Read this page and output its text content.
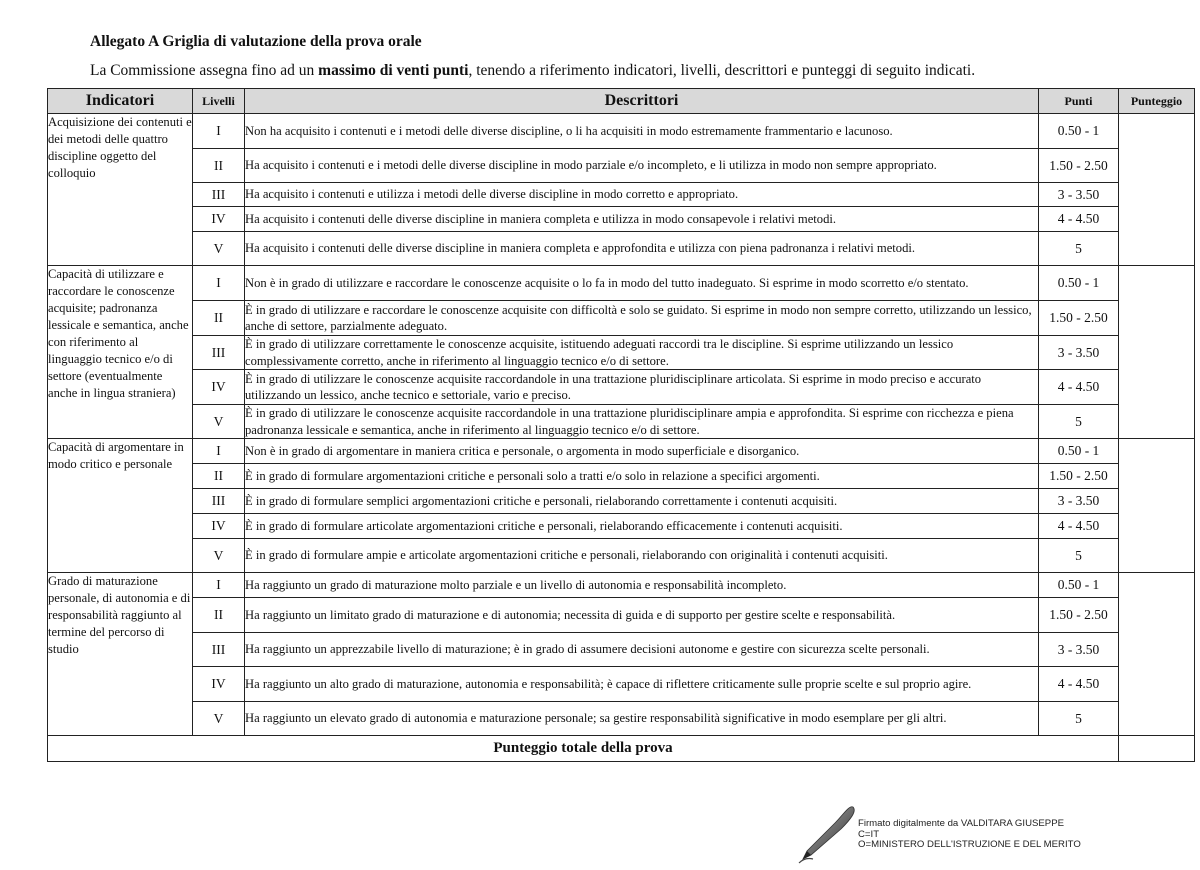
Allegato A Griglia di valutazione della prova orale
La Commissione assegna fino ad un massimo di venti punti, tenendo a riferimento indicatori, livelli, descrittori e punteggi di seguito indicati.
Indicatori	Livelli	Descrittori	Punti	Punteggio
Acquisizione dei contenuti e dei metodi delle quattro discipline oggetto del colloquio	I	Non ha acquisito i contenuti e i metodi delle diverse discipline, o li ha acquisiti in modo estremamente frammentario e lacunoso.	0.50 - 1	
	II	Ha acquisito i contenuti e i metodi delle diverse discipline in modo parziale e/o incompleto, e li utilizza in modo non sempre appropriato.	1.50 - 2.50	
	III	Ha acquisito i contenuti e utilizza i metodi delle diverse discipline in modo corretto e appropriato.	3 - 3.50	
	IV	Ha acquisito i contenuti delle diverse discipline in maniera completa e utilizza in modo consapevole i relativi metodi.	4 - 4.50	
	V	Ha acquisito i contenuti delle diverse discipline in maniera completa e approfondita e utilizza con piena padronanza i relativi metodi.	5	
Capacità di utilizzare e raccordare le conoscenze acquisite; padronanza lessicale e semantica, anche con riferimento al linguaggio tecnico e/o di settore (eventualmente anche in lingua straniera)	I	Non è in grado di utilizzare e raccordare le conoscenze acquisite o lo fa in modo del tutto inadeguato. Si esprime in modo scorretto e/o stentato.	0.50 - 1	
	II	È in grado di utilizzare e raccordare le conoscenze acquisite con difficoltà e solo se guidato. Si esprime in modo non sempre corretto, utilizzando un lessico, anche di settore, parzialmente adeguato.	1.50 - 2.50	
	III	È in grado di utilizzare correttamente le conoscenze acquisite, istituendo adeguati raccordi tra le discipline. Si esprime utilizzando un lessico complessivamente corretto, anche in riferimento al linguaggio tecnico e/o di settore.	3 - 3.50	
	IV	È in grado di utilizzare le conoscenze acquisite raccordandole in una trattazione pluridisciplinare articolata. Si esprime in modo preciso e accurato utilizzando un lessico, anche tecnico e settoriale, vario e preciso.	4 - 4.50	
	V	È in grado di utilizzare le conoscenze acquisite raccordandole in una trattazione pluridisciplinare ampia e approfondita. Si esprime con ricchezza e piena padronanza lessicale e semantica, anche in riferimento al linguaggio tecnico e/o di settore.	5	
Capacità di argomentare in modo critico e personale	I	Non è in grado di argomentare in maniera critica e personale, o argomenta in modo superficiale e disorganico.	0.50 - 1	
	II	È in grado di formulare argomentazioni critiche e personali solo a tratti e/o solo in relazione a specifici argomenti.	1.50 - 2.50	
	III	È in grado di formulare semplici argomentazioni critiche e personali, rielaborando correttamente i contenuti acquisiti.	3 - 3.50	
	IV	È in grado di formulare articolate argomentazioni critiche e personali, rielaborando efficacemente i contenuti acquisiti.	4 - 4.50	
	V	È in grado di formulare ampie e articolate argomentazioni critiche e personali, rielaborando con originalità i contenuti acquisiti.	5	
Grado di maturazione personale, di autonomia e di responsabilità raggiunto al termine del percorso di studio	I	Ha raggiunto un grado di maturazione molto parziale e un livello di autonomia e responsabilità incompleto.	0.50 - 1	
	II	Ha raggiunto un limitato grado di maturazione e di autonomia; necessita di guida e di supporto per gestire scelte e responsabilità.	1.50 - 2.50	
	III	Ha raggiunto un apprezzabile livello di maturazione; è in grado di assumere decisioni autonome e gestire con sicurezza scelte personali.	3 - 3.50	
	IV	Ha raggiunto un alto grado di maturazione, autonomia e responsabilità; è capace di riflettere criticamente sulle proprie scelte e sul proprio agire.	4 - 4.50	
	V	Ha raggiunto un elevato grado di autonomia e maturazione personale; sa gestire responsabilità significative in modo esemplare per gli altri.	5	
Punteggio totale della prova				
Firmato digitalmente da VALDITARA GIUSEPPE
C=IT
O=MINISTERO DELL'ISTRUZIONE E DEL MERITO
